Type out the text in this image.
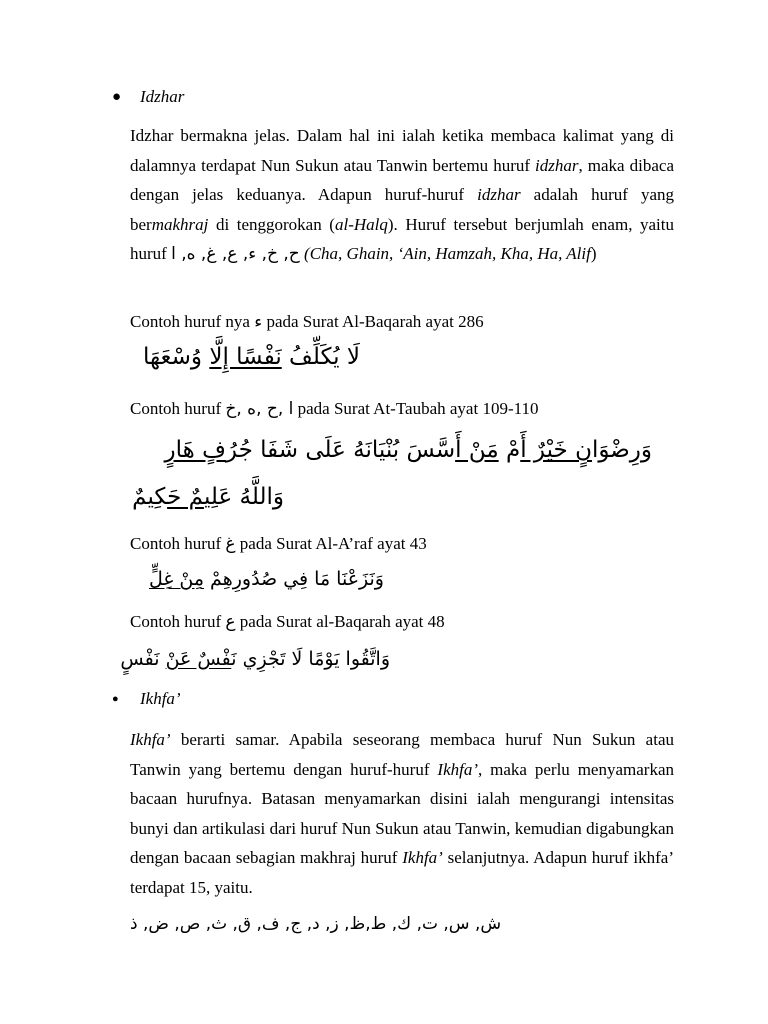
●	Idzhar

Idzhar bermakna jelas. Dalam hal ini ialah ketika membaca kalimat yang di dalamnya terdapat Nun Sukun atau Tanwin bertemu huruf idzhar, maka dibaca dengan jelas keduanya. Adapun huruf-huruf idzhar adalah huruf yang bermakhraj di tenggorokan (al-Halq). Huruf tersebut berjumlah enam, yaitu huruf ح, خ, ء, ع, غ, ه, ا (Cha, Ghain, ‘Ain, Hamzah, Kha, Ha, Alif)

Contoh huruf nya ء pada Surat Al-Baqarah ayat 286
لَا يُكَلِّفُ نَفْسًا إِلَّا وُسْعَهَا
Contoh huruf ا ,ح ,ه ,خ pada Surat At-Taubah ayat 109-110
وَرِضْوَانٍ خَيْرٌ أَمْ مَنْ أَسَّسَ بُنْيَانَهُ عَلَى شَفَا جُرُفٍ هَارٍ
وَاللَّهُ عَلِيمٌ حَكِيمٌ
Contoh huruf غ pada Surat Al-A’raf ayat 43
وَنَزَعْنَا مَا فِي صُدُورِهِمْ مِنْ غِلٍّ
Contoh huruf ع pada Surat al-Baqarah ayat 48
وَاتَّقُوا يَوْمًا لَا تَجْزِي نَفْسٌ عَنْ نَفْسٍ
●	Ikhfa’

Ikhfa’ berarti samar. Apabila seseorang membaca huruf Nun Sukun atau Tanwin yang bertemu dengan huruf-huruf Ikhfa’, maka perlu menyamarkan bacaan hurufnya. Batasan menyamarkan disini ialah mengurangi intensitas bunyi dan artikulasi dari huruf Nun Sukun atau Tanwin, kemudian digabungkan dengan bacaan sebagian makhraj huruf Ikhfa’ selanjutnya. Adapun huruf ikhfa’ terdapat 15, yaitu.

ش, س, ت, ك, ط,ظ, ز, د, ج, ف, ق, ث, ص, ض, ذ
